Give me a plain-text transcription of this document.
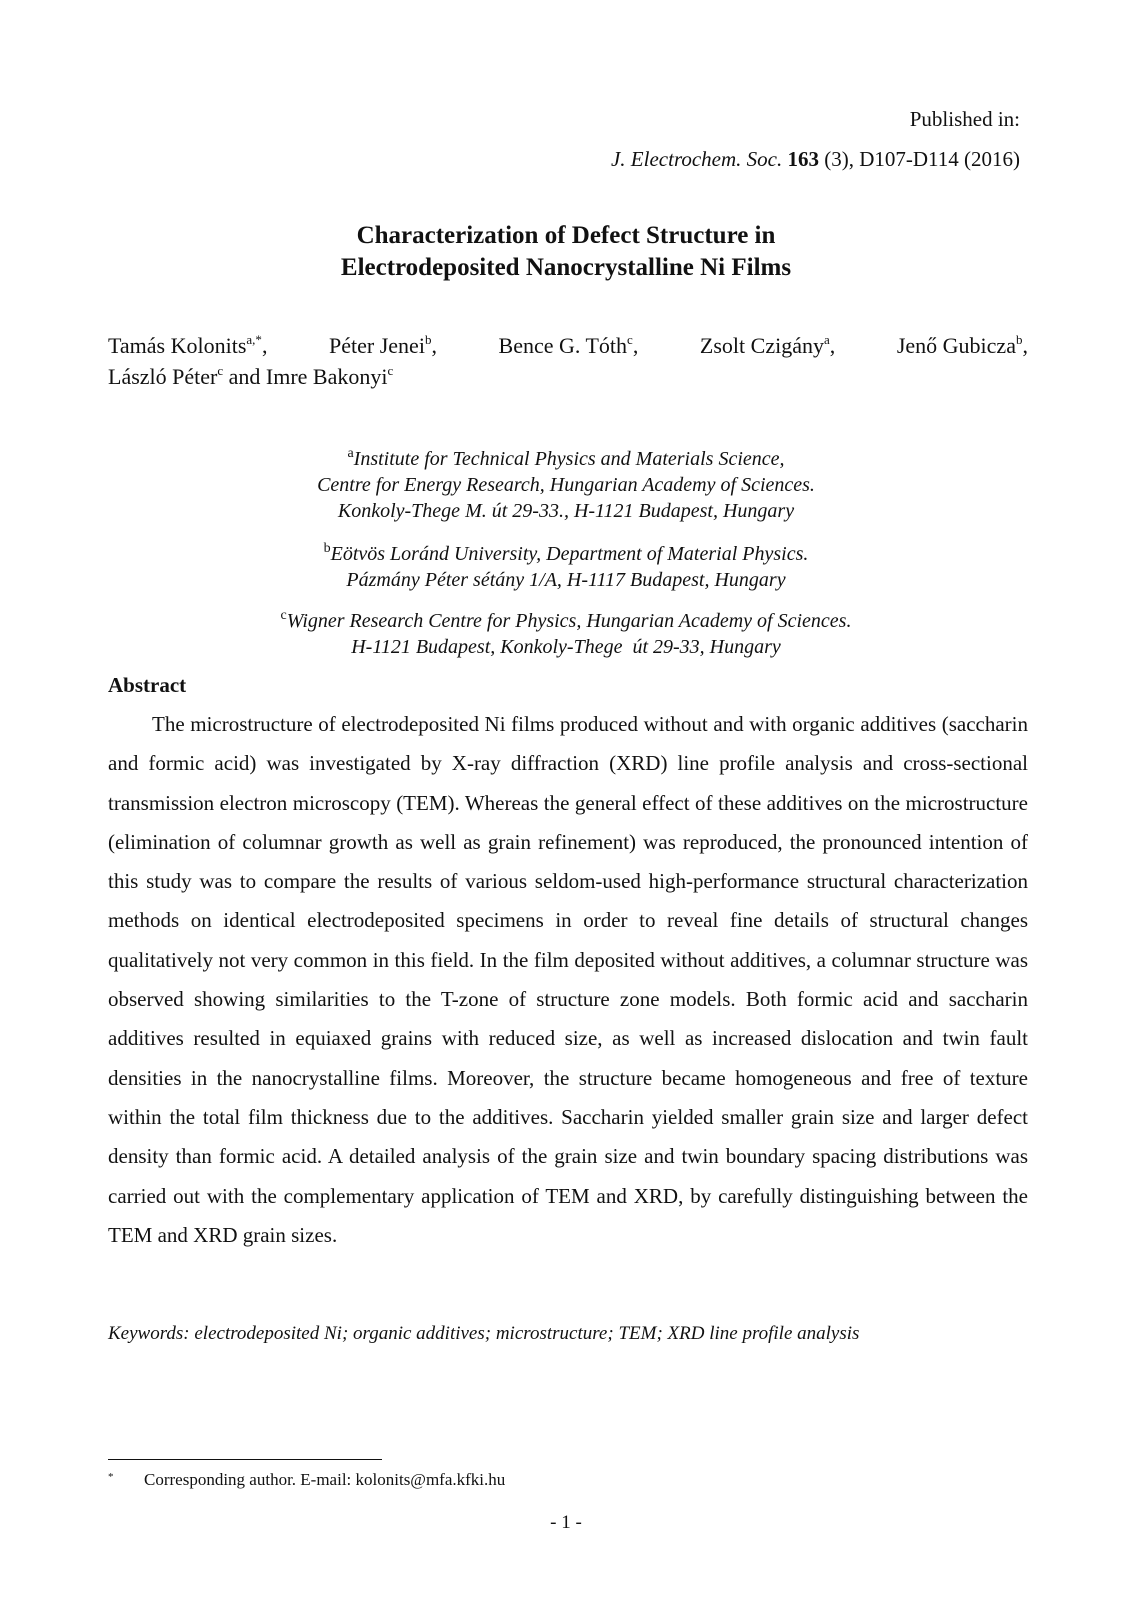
Published in:
J. Electrochem. Soc. 163 (3), D107-D114 (2016)
Characterization of Defect Structure in
Electrodeposited Nanocrystalline Ni Films
Tamás Kolonits$^{a,*}$,	Péter Jenei$^b$,	Bence G. Tóth$^c$,	Zsolt Czigány$^a$,	Jenő Gubicza$^b$,
László Péter$^c$ and Imre Bakonyi$^c$
$^a$Institute for Technical Physics and Materials Science,
Centre for Energy Research, Hungarian Academy of Sciences.
Konkoly-Thege M. út 29-33., H-1121 Budapest, Hungary
$^b$Eötvös Loránd University, Department of Material Physics.
Pázmány Péter sétány 1/A, H-1117 Budapest, Hungary
$^c$Wigner Research Centre for Physics, Hungarian Academy of Sciences.
H-1121 Budapest, Konkoly-Thege  út 29-33, Hungary
Abstract
The microstructure of electrodeposited Ni films produced without and with organic additives (saccharin and formic acid) was investigated by X-ray diffraction (XRD) line profile analysis and cross-sectional transmission electron microscopy (TEM). Whereas the general effect of these additives on the microstructure (elimination of columnar growth as well as grain refinement) was reproduced, the pronounced intention of this study was to compare the results of various seldom-used high-performance structural characterization methods on identical electrodeposited specimens in order to reveal fine details of structural changes qualitatively not very common in this field. In the film deposited without additives, a columnar structure was observed showing similarities to the T-zone of structure zone models. Both formic acid and saccharin additives resulted in equiaxed grains with reduced size, as well as increased dislocation and twin fault densities in the nanocrystalline films. Moreover, the structure became homogeneous and free of texture within the total film thickness due to the additives. Saccharin yielded smaller grain size and larger defect density than formic acid. A detailed analysis of the grain size and twin boundary spacing distributions was carried out with the complementary application of TEM and XRD, by carefully distinguishing between the TEM and XRD grain sizes.
Keywords: electrodeposited Ni; organic additives; microstructure; TEM; XRD line profile analysis
* Corresponding author. E-mail: kolonits@mfa.kfki.hu
- 1 -
